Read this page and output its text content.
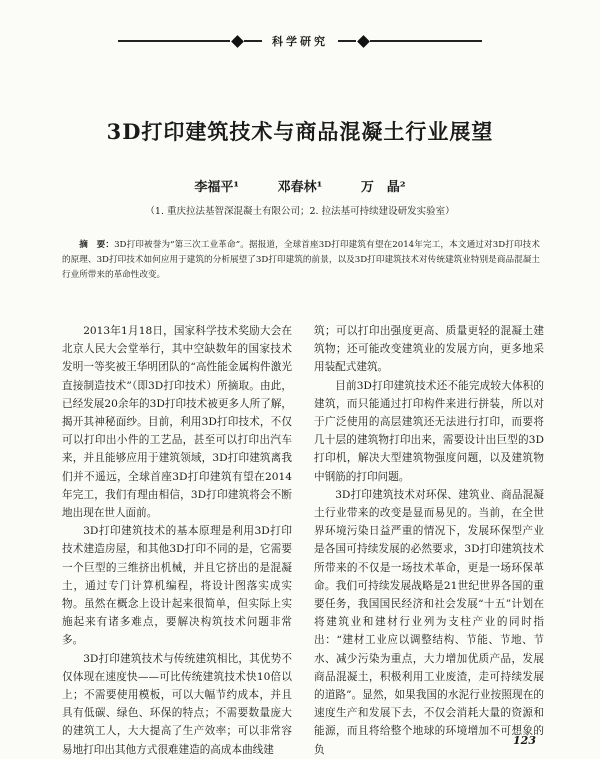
科学研究
3D打印建筑技术与商品混凝土行业展望
李福平¹	邓春林¹	万　晶²
（1. 重庆拉法基智深混凝土有限公司；2. 拉法基可持续建设研发实验室）
摘　要：3D打印被誉为“第三次工业革命”。据报道，全球首座3D打印建筑有望在2014年完工，本文通过对3D打印技术的原理、3D打印技术如何应用于建筑的分析展望了3D打印建筑的前景，以及3D打印建筑技术对传统建筑业特别是商品混凝土行业所带来的革命性改变。

2013年1月18日，国家科学技术奖励大会在北京人民大会堂举行，其中空缺数年的国家技术发明一等奖被王华明团队的“高性能金属构件激光直接制造技术”（即3D打印技术）所摘取。由此，已经发展20余年的3D打印技术被更多人所了解，揭开其神秘面纱。目前，利用3D打印技术，不仅可以打印出小件的工艺品，甚至可以打印出汽车来，并且能够应用于建筑领域，3D打印建筑离我们并不遥远，全球首座3D打印建筑有望在2014年完工，我们有理由相信，3D打印建筑将会不断地出现在世人面前。

3D打印建筑技术的基本原理是利用3D打印技术建造房屋，和其他3D打印不同的是，它需要一个巨型的三维挤出机械，并且它挤出的是混凝土，通过专门计算机编程，将设计图落实成实物。虽然在概念上设计起来很简单，但实际上实施起来有诸多难点，要解决构筑技术问题非常多。

3D打印建筑技术与传统建筑相比，其优势不仅体现在速度快——可比传统建筑技术快10倍以上；不需要使用模板，可以大幅节约成本，并且具有低碳、绿色、环保的特点；不需要数量庞大的建筑工人，大大提高了生产效率；可以非常容易地打印出其他方式很难建造的高成本曲线建

筑；可以打印出强度更高、质量更轻的混凝土建筑物；还可能改变建筑业的发展方向，更多地采用装配式建筑。

目前3D打印建筑技术还不能完成较大体积的建筑，而只能通过打印构件来进行拼装，所以对于广泛使用的高层建筑还无法进行打印，而要将几十层的建筑物打印出来，需要设计出巨型的3D打印机，解决大型建筑物强度问题，以及建筑物中钢筋的打印问题。

3D打印建筑技术对环保、建筑业、商品混凝土行业带来的改变是显而易见的。当前，在全世界环境污染日益严重的情况下，发展环保型产业是各国可持续发展的必然要求，3D打印建筑技术所带来的不仅是一场技术革命，更是一场环保革命。我们可持续发展战略是21世纪世界各国的重要任务，我国国民经济和社会发展“十五”计划在将建筑业和建材行业列为支柱产业的同时指出：“建材工业应以调整结构、节能、节地、节水、减少污染为重点，大力增加优质产品，发展商品混凝土，积极利用工业废渣，走可持续发展的道路”。显然，如果我国的水泥行业按照现在的速度生产和发展下去，不仅会消耗大量的资源和能源，而且将给整个地球的环境增加不可想象的负

123
